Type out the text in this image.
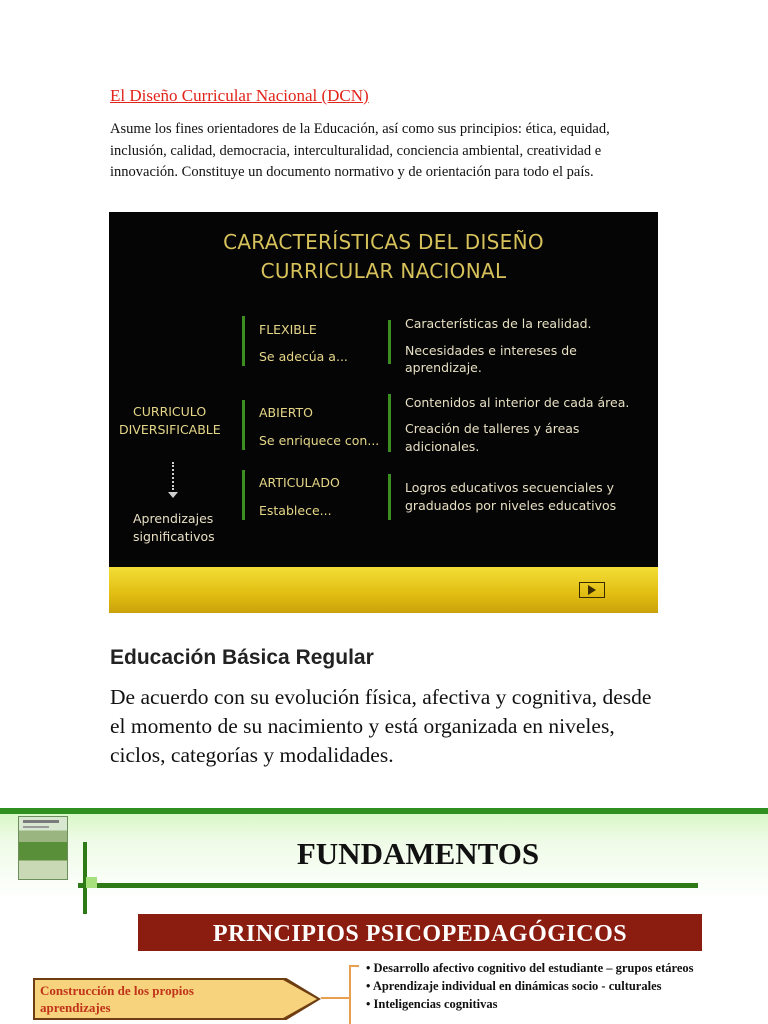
El Diseño Curricular Nacional (DCN)

Asume los fines orientadores de la Educación, así como sus principios: ética, equidad, inclusión, calidad, democracia, interculturalidad, conciencia ambiental, creatividad e innovación. Constituye un documento normativo y de orientación para todo el país.

CARACTERÍSTICAS DEL DISEÑO
CURRICULAR NACIONAL
CURRICULO
DIVERSIFICABLE
Aprendizajes
significativos
FLEXIBLE
Se adecúa a...
Características de la realidad.
Necesidades e intereses de
aprendizaje.
ABIERTO
Se enriquece con...
Contenidos al interior de cada área.
Creación de talleres y áreas
adicionales.
ARTICULADO
Establece...
Logros educativos secuenciales y
graduados por niveles educativos
Educación Básica Regular

De acuerdo con su evolución física, afectiva y cognitiva, desde el momento de su nacimiento y está organizada en niveles, ciclos, categorías y modalidades.

FUNDAMENTOS
PRINCIPIOS PSICOPEDAGÓGICOS
Construcción de los propios aprendizajes
• Desarrollo afectivo cognitivo del estudiante – grupos etáreos
• Aprendizaje individual en dinámicas socio - culturales
• Inteligencias cognitivas
